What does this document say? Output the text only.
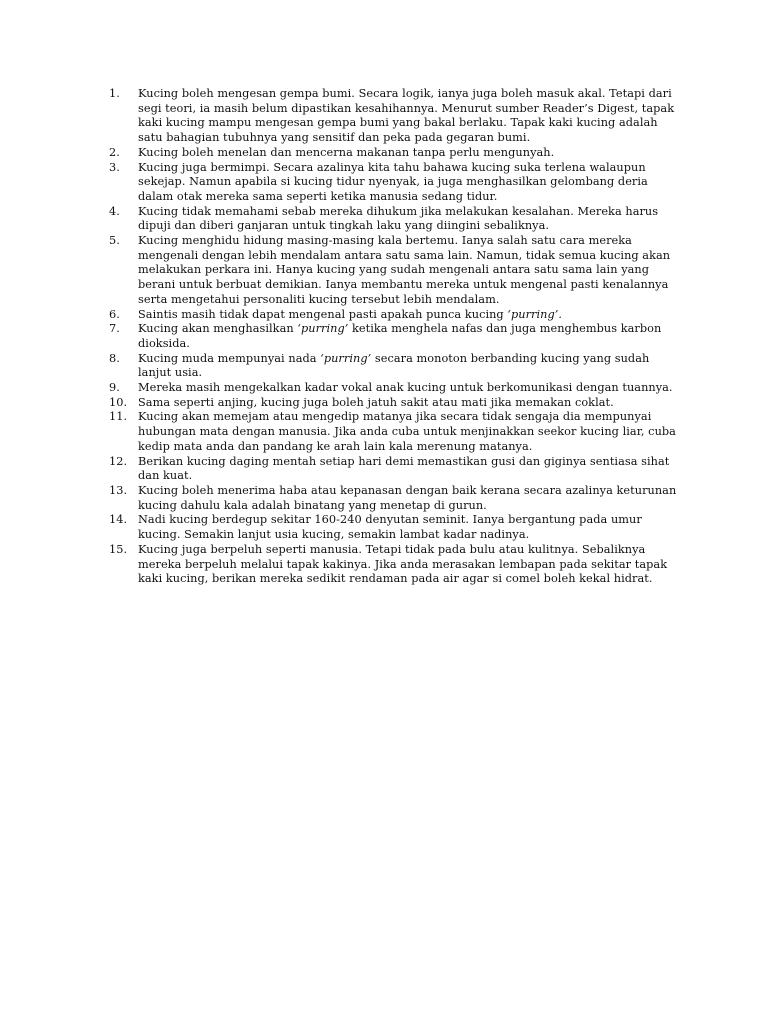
1.	Kucing boleh mengesan gempa bumi. Secara logik, ianya juga boleh masuk akal. Tetapi dari segi teori, ia masih belum dipastikan kesahihannya. Menurut sumber Reader’s Digest, tapak kaki kucing mampu mengesan gempa bumi yang bakal berlaku. Tapak kaki kucing adalah satu bahagian tubuhnya yang sensitif dan peka pada gegaran bumi.
2.	Kucing boleh menelan dan mencerna makanan tanpa perlu mengunyah.
3.	Kucing juga bermimpi. Secara azalinya kita tahu bahawa kucing suka terlena walaupun sekejap. Namun apabila si kucing tidur nyenyak, ia juga menghasilkan gelombang deria dalam otak mereka sama seperti ketika manusia sedang tidur.
4.	Kucing tidak memahami sebab mereka dihukum jika melakukan kesalahan. Mereka harus dipuji dan diberi ganjaran untuk tingkah laku yang diingini sebaliknya.
5.	Kucing menghidu hidung masing-masing kala bertemu. Ianya salah satu cara mereka mengenali dengan lebih mendalam antara satu sama lain. Namun, tidak semua kucing akan melakukan perkara ini. Hanya kucing yang sudah mengenali antara satu sama lain yang berani untuk berbuat demikian. Ianya membantu mereka untuk mengenal pasti kenalannya serta mengetahui personaliti kucing tersebut lebih mendalam.
6.	Saintis masih tidak dapat mengenal pasti apakah punca kucing ‘purring’.
7.	Kucing akan menghasilkan ‘purring’ ketika menghela nafas dan juga menghembus karbon dioksida.
8.	Kucing muda mempunyai nada ‘purring’ secara monoton berbanding kucing yang sudah lanjut usia.
9.	Mereka masih mengekalkan kadar vokal anak kucing untuk berkomunikasi dengan tuannya.
10. Sama seperti anjing, kucing juga boleh jatuh sakit atau mati jika memakan coklat.
11. Kucing akan memejam atau mengedip matanya jika secara tidak sengaja dia mempunyai hubungan mata dengan manusia. Jika anda cuba untuk menjinakkan seekor kucing liar, cuba kedip mata anda dan pandang ke arah lain kala merenung matanya.
12. Berikan kucing daging mentah setiap hari demi memastikan gusi dan giginya sentiasa sihat dan kuat.
13. Kucing boleh menerima haba atau kepanasan dengan baik kerana secara azalinya keturunan kucing dahulu kala adalah binatang yang menetap di gurun.
14. Nadi kucing berdegup sekitar 160-240 denyutan seminit. Ianya bergantung pada umur kucing. Semakin lanjut usia kucing, semakin lambat kadar nadinya.
15. Kucing juga berpeluh seperti manusia. Tetapi tidak pada bulu atau kulitnya. Sebaliknya mereka berpeluh melalui tapak kakinya. Jika anda merasakan lembapan pada sekitar tapak kaki kucing, berikan mereka sedikit rendaman pada air agar si comel boleh kekal hidrat.
